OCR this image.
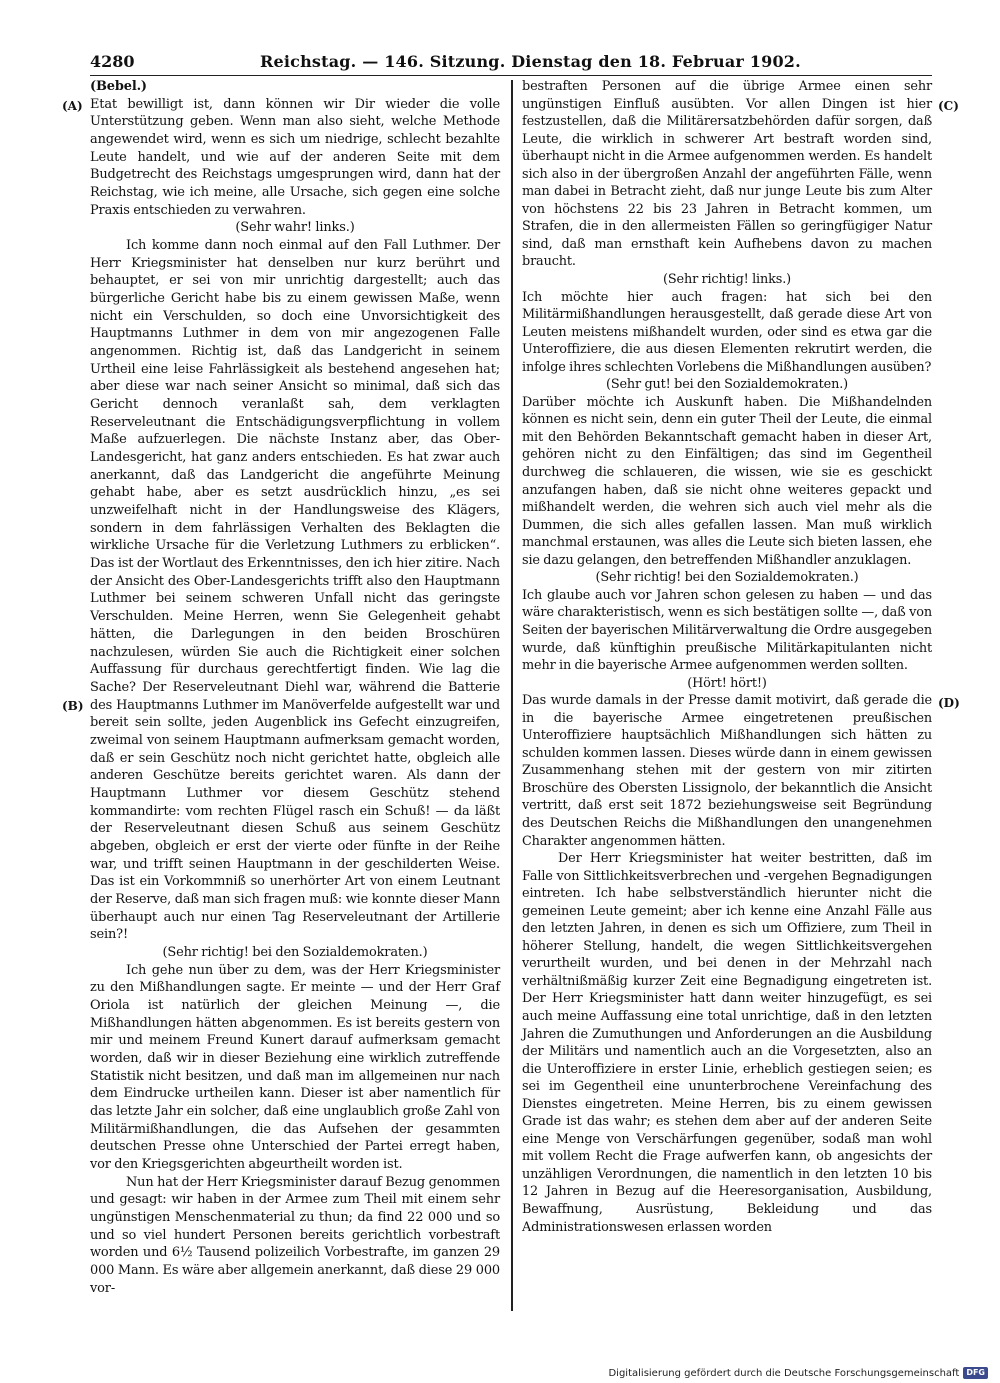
4280	Reichstag. — 146. Sitzung. Dienstag den 18. Februar 1902.
(A)
(B)
(C)
(D)

(Bebel.)

Etat bewilligt ist, dann können wir Dir wieder die volle Unterstützung geben. Wenn man also sieht, welche Methode angewendet wird, wenn es sich um niedrige, schlecht bezahlte Leute handelt, und wie auf der anderen Seite mit dem Budgetrecht des Reichstags umgesprungen wird, dann hat der Reichstag, wie ich meine, alle Ursache, sich gegen eine solche Praxis entschieden zu verwahren.

(Sehr wahr! links.)

Ich komme dann noch einmal auf den Fall Luthmer. Der Herr Kriegsminister hat denselben nur kurz berührt und behauptet, er sei von mir unrichtig dargestellt; auch das bürgerliche Gericht habe bis zu einem gewissen Maße, wenn nicht ein Verschulden, so doch eine Unvorsichtigkeit des Hauptmanns Luthmer in dem von mir angezogenen Falle angenommen. Richtig ist, daß das Landgericht in seinem Urtheil eine leise Fahrlässigkeit als bestehend angesehen hat; aber diese war nach seiner Ansicht so minimal, daß sich das Gericht dennoch veranlaßt sah, dem verklagten Reserveleutnant die Entschädigungsverpflichtung in vollem Maße aufzuerlegen. Die nächste Instanz aber, das Ober-Landesgericht, hat ganz anders entschieden. Es hat zwar auch anerkannt, daß das Landgericht die angeführte Meinung gehabt habe, aber es setzt ausdrücklich hinzu, „es sei unzweifelhaft nicht in der Handlungsweise des Klägers, sondern in dem fahrlässigen Verhalten des Beklagten die wirkliche Ursache für die Verletzung Luthmers zu erblicken“. Das ist der Wortlaut des Erkenntnisses, den ich hier zitire. Nach der Ansicht des Ober-Landesgerichts trifft also den Hauptmann Luthmer bei seinem schweren Unfall nicht das geringste Verschulden. Meine Herren, wenn Sie Gelegenheit gehabt hätten, die Darlegungen in den beiden Broschüren nachzulesen, würden Sie auch die Richtigkeit einer solchen Auffassung für durchaus gerechtfertigt finden. Wie lag die Sache? Der Reserveleutnant Diehl war, während die Batterie des Hauptmanns Luthmer im Manöverfelde aufgestellt war und bereit sein sollte, jeden Augenblick ins Gefecht einzugreifen, zweimal von seinem Hauptmann aufmerksam gemacht worden, daß er sein Geschütz noch nicht gerichtet hatte, obgleich alle anderen Geschütze bereits gerichtet waren. Als dann der Hauptmann Luthmer vor diesem Geschütz stehend kommandirte: vom rechten Flügel rasch ein Schuß! — da läßt der Reserveleutnant diesen Schuß aus seinem Geschütz abgeben, obgleich er erst der vierte oder fünfte in der Reihe war, und trifft seinen Hauptmann in der geschilderten Weise. Das ist ein Vorkommniß so unerhörter Art von einem Leutnant der Reserve, daß man sich fragen muß: wie konnte dieser Mann überhaupt auch nur einen Tag Reserveleutnant der Artillerie sein?!

(Sehr richtig! bei den Sozialdemokraten.)

Ich gehe nun über zu dem, was der Herr Kriegsminister zu den Mißhandlungen sagte. Er meinte — und der Herr Graf Oriola ist natürlich der gleichen Meinung —, die Mißhandlungen hätten abgenommen. Es ist bereits gestern von mir und meinem Freund Kunert darauf aufmerksam gemacht worden, daß wir in dieser Beziehung eine wirklich zutreffende Statistik nicht besitzen, und daß man im allgemeinen nur nach dem Eindrucke urtheilen kann. Dieser ist aber namentlich für das letzte Jahr ein solcher, daß eine unglaublich große Zahl von Militärmißhandlungen, die das Aufsehen der gesammten deutschen Presse ohne Unterschied der Partei erregt haben, vor den Kriegsgerichten abgeurtheilt worden ist.

Nun hat der Herr Kriegsminister darauf Bezug genommen und gesagt: wir haben in der Armee zum Theil mit einem sehr ungünstigen Menschenmaterial zu thun; da find 22 000 und so und so viel hundert Personen bereits gerichtlich vorbestraft worden und 6½ Tausend polizeilich Vorbestrafte, im ganzen 29 000 Mann. Es wäre aber allgemein anerkannt, daß diese 29 000 vor-

bestraften Personen auf die übrige Armee einen sehr ungünstigen Einfluß ausübten. Vor allen Dingen ist hier festzustellen, daß die Militärersatzbehörden dafür sorgen, daß Leute, die wirklich in schwerer Art bestraft worden sind, überhaupt nicht in die Armee aufgenommen werden. Es handelt sich also in der übergroßen Anzahl der angeführten Fälle, wenn man dabei in Betracht zieht, daß nur junge Leute bis zum Alter von höchstens 22 bis 23 Jahren in Betracht kommen, um Strafen, die in den allermeisten Fällen so geringfügiger Natur sind, daß man ernsthaft kein Aufhebens davon zu machen braucht.

(Sehr richtig! links.)

Ich möchte hier auch fragen: hat sich bei den Militärmißhandlungen herausgestellt, daß gerade diese Art von Leuten meistens mißhandelt wurden, oder sind es etwa gar die Unteroffiziere, die aus diesen Elementen rekrutirt werden, die infolge ihres schlechten Vorlebens die Mißhandlungen ausüben?

(Sehr gut! bei den Sozialdemokraten.)

Darüber möchte ich Auskunft haben. Die Mißhandelnden können es nicht sein, denn ein guter Theil der Leute, die einmal mit den Behörden Bekanntschaft gemacht haben in dieser Art, gehören nicht zu den Einfältigen; das sind im Gegentheil durchweg die schlaueren, die wissen, wie sie es geschickt anzufangen haben, daß sie nicht ohne weiteres gepackt und mißhandelt werden, die wehren sich auch viel mehr als die Dummen, die sich alles gefallen lassen. Man muß wirklich manchmal erstaunen, was alles die Leute sich bieten lassen, ehe sie dazu gelangen, den betreffenden Mißhandler anzuklagen.

(Sehr richtig! bei den Sozialdemokraten.)

Ich glaube auch vor Jahren schon gelesen zu haben — und das wäre charakteristisch, wenn es sich bestätigen sollte —, daß von Seiten der bayerischen Militärverwaltung die Ordre ausgegeben wurde, daß künftighin preußische Militärkapitulanten nicht mehr in die bayerische Armee aufgenommen werden sollten.

(Hört! hört!)

Das wurde damals in der Presse damit motivirt, daß gerade die in die bayerische Armee eingetretenen preußischen Unteroffiziere hauptsächlich Mißhandlungen sich hätten zu schulden kommen lassen. Dieses würde dann in einem gewissen Zusammenhang stehen mit der gestern von mir zitirten Broschüre des Obersten Lissignolo, der bekanntlich die Ansicht vertritt, daß erst seit 1872 beziehungsweise seit Begründung des Deutschen Reichs die Mißhandlungen den unangenehmen Charakter angenommen hätten.

Der Herr Kriegsminister hat weiter bestritten, daß im Falle von Sittlichkeitsverbrechen und -vergehen Begnadigungen eintreten. Ich habe selbstverständlich hierunter nicht die gemeinen Leute gemeint; aber ich kenne eine Anzahl Fälle aus den letzten Jahren, in denen es sich um Offiziere, zum Theil in höherer Stellung, handelt, die wegen Sittlichkeitsvergehen verurtheilt wurden, und bei denen in der Mehrzahl nach verhältnißmäßig kurzer Zeit eine Begnadigung eingetreten ist. Der Herr Kriegsminister hatt dann weiter hinzugefügt, es sei auch meine Auffassung eine total unrichtige, daß in den letzten Jahren die Zumuthungen und Anforderungen an die Ausbildung der Militärs und namentlich auch an die Vorgesetzten, also an die Unteroffiziere in erster Linie, erheblich gestiegen seien; es sei im Gegentheil eine ununterbrochene Vereinfachung des Dienstes eingetreten. Meine Herren, bis zu einem gewissen Grade ist das wahr; es stehen dem aber auf der anderen Seite eine Menge von Verschärfungen gegenüber, sodaß man wohl mit vollem Recht die Frage aufwerfen kann, ob angesichts der unzähligen Verordnungen, die namentlich in den letzten 10 bis 12 Jahren in Bezug auf die Heeresorganisation, Ausbildung, Bewaffnung, Ausrüstung, Bekleidung und das Administrationswesen erlassen worden

Digitalisierung gefördert durch die Deutsche Forschungsgemeinschaft DFG
